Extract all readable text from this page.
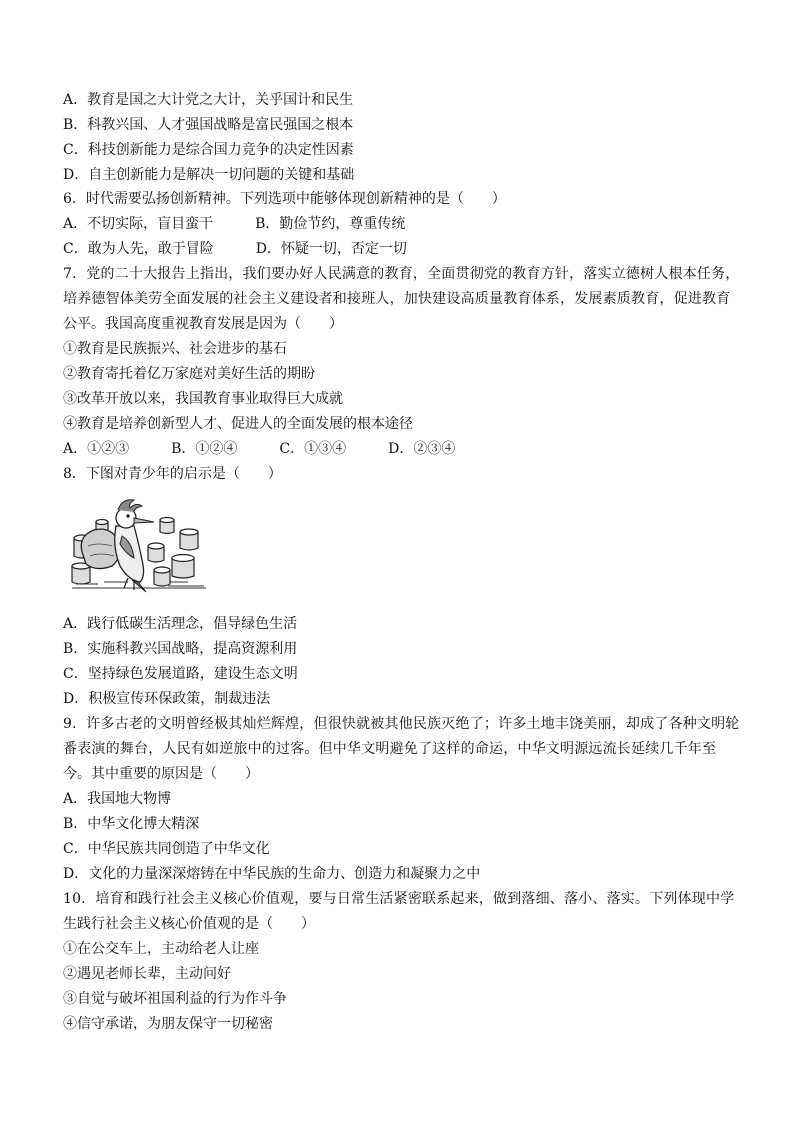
A．教育是国之大计党之大计，关乎国计和民生
B．科教兴国、人才强国战略是富民强国之根本
C．科技创新能力是综合国力竞争的决定性因素
D．自主创新能力是解决一切问题的关键和基础
6．时代需要弘扬创新精神。下列选项中能够体现创新精神的是（　　）
A．不切实际，盲目蛮干　　　B．勤俭节约，尊重传统
C．敢为人先，敢于冒险　　　D．怀疑一切，否定一切
7．党的二十大报告上指出，我们要办好人民满意的教育，全面贯彻党的教育方针，落实立德树人根本任务，
培养德智体美劳全面发展的社会主义建设者和接班人，加快建设高质量教育体系，发展素质教育，促进教育
公平。我国高度重视教育发展是因为（　　）
①教育是民族振兴、社会进步的基石
②教育寄托着亿万家庭对美好生活的期盼
③改革开放以来，我国教育事业取得巨大成就
④教育是培养创新型人才、促进人的全面发展的根本途径
A．①②③　　　B．①②④　　　C．①③④　　　D．②③④
8．下图对青少年的启示是（　　）
A．践行低碳生活理念，倡导绿色生活
B．实施科教兴国战略，提高资源利用
C．坚持绿色发展道路，建设生态文明
D．积极宣传环保政策，制裁违法
9．许多古老的文明曾经极其灿烂辉煌，但很快就被其他民族灭绝了；许多土地丰饶美丽，却成了各种文明轮
番表演的舞台，人民有如逆旅中的过客。但中华文明避免了这样的命运，中华文明源远流长延续几千年至
今。其中重要的原因是（　　）
A．我国地大物博
B．中华文化博大精深
C．中华民族共同创造了中华文化
D．文化的力量深深熔铸在中华民族的生命力、创造力和凝聚力之中
10．培育和践行社会主义核心价值观，要与日常生活紧密联系起来，做到落细、落小、落实。下列体现中学
生践行社会主义核心价值观的是（　　）
①在公交车上，主动给老人让座
②遇见老师长辈，主动问好
③自觉与破坏祖国利益的行为作斗争
④信守承诺，为朋友保守一切秘密
